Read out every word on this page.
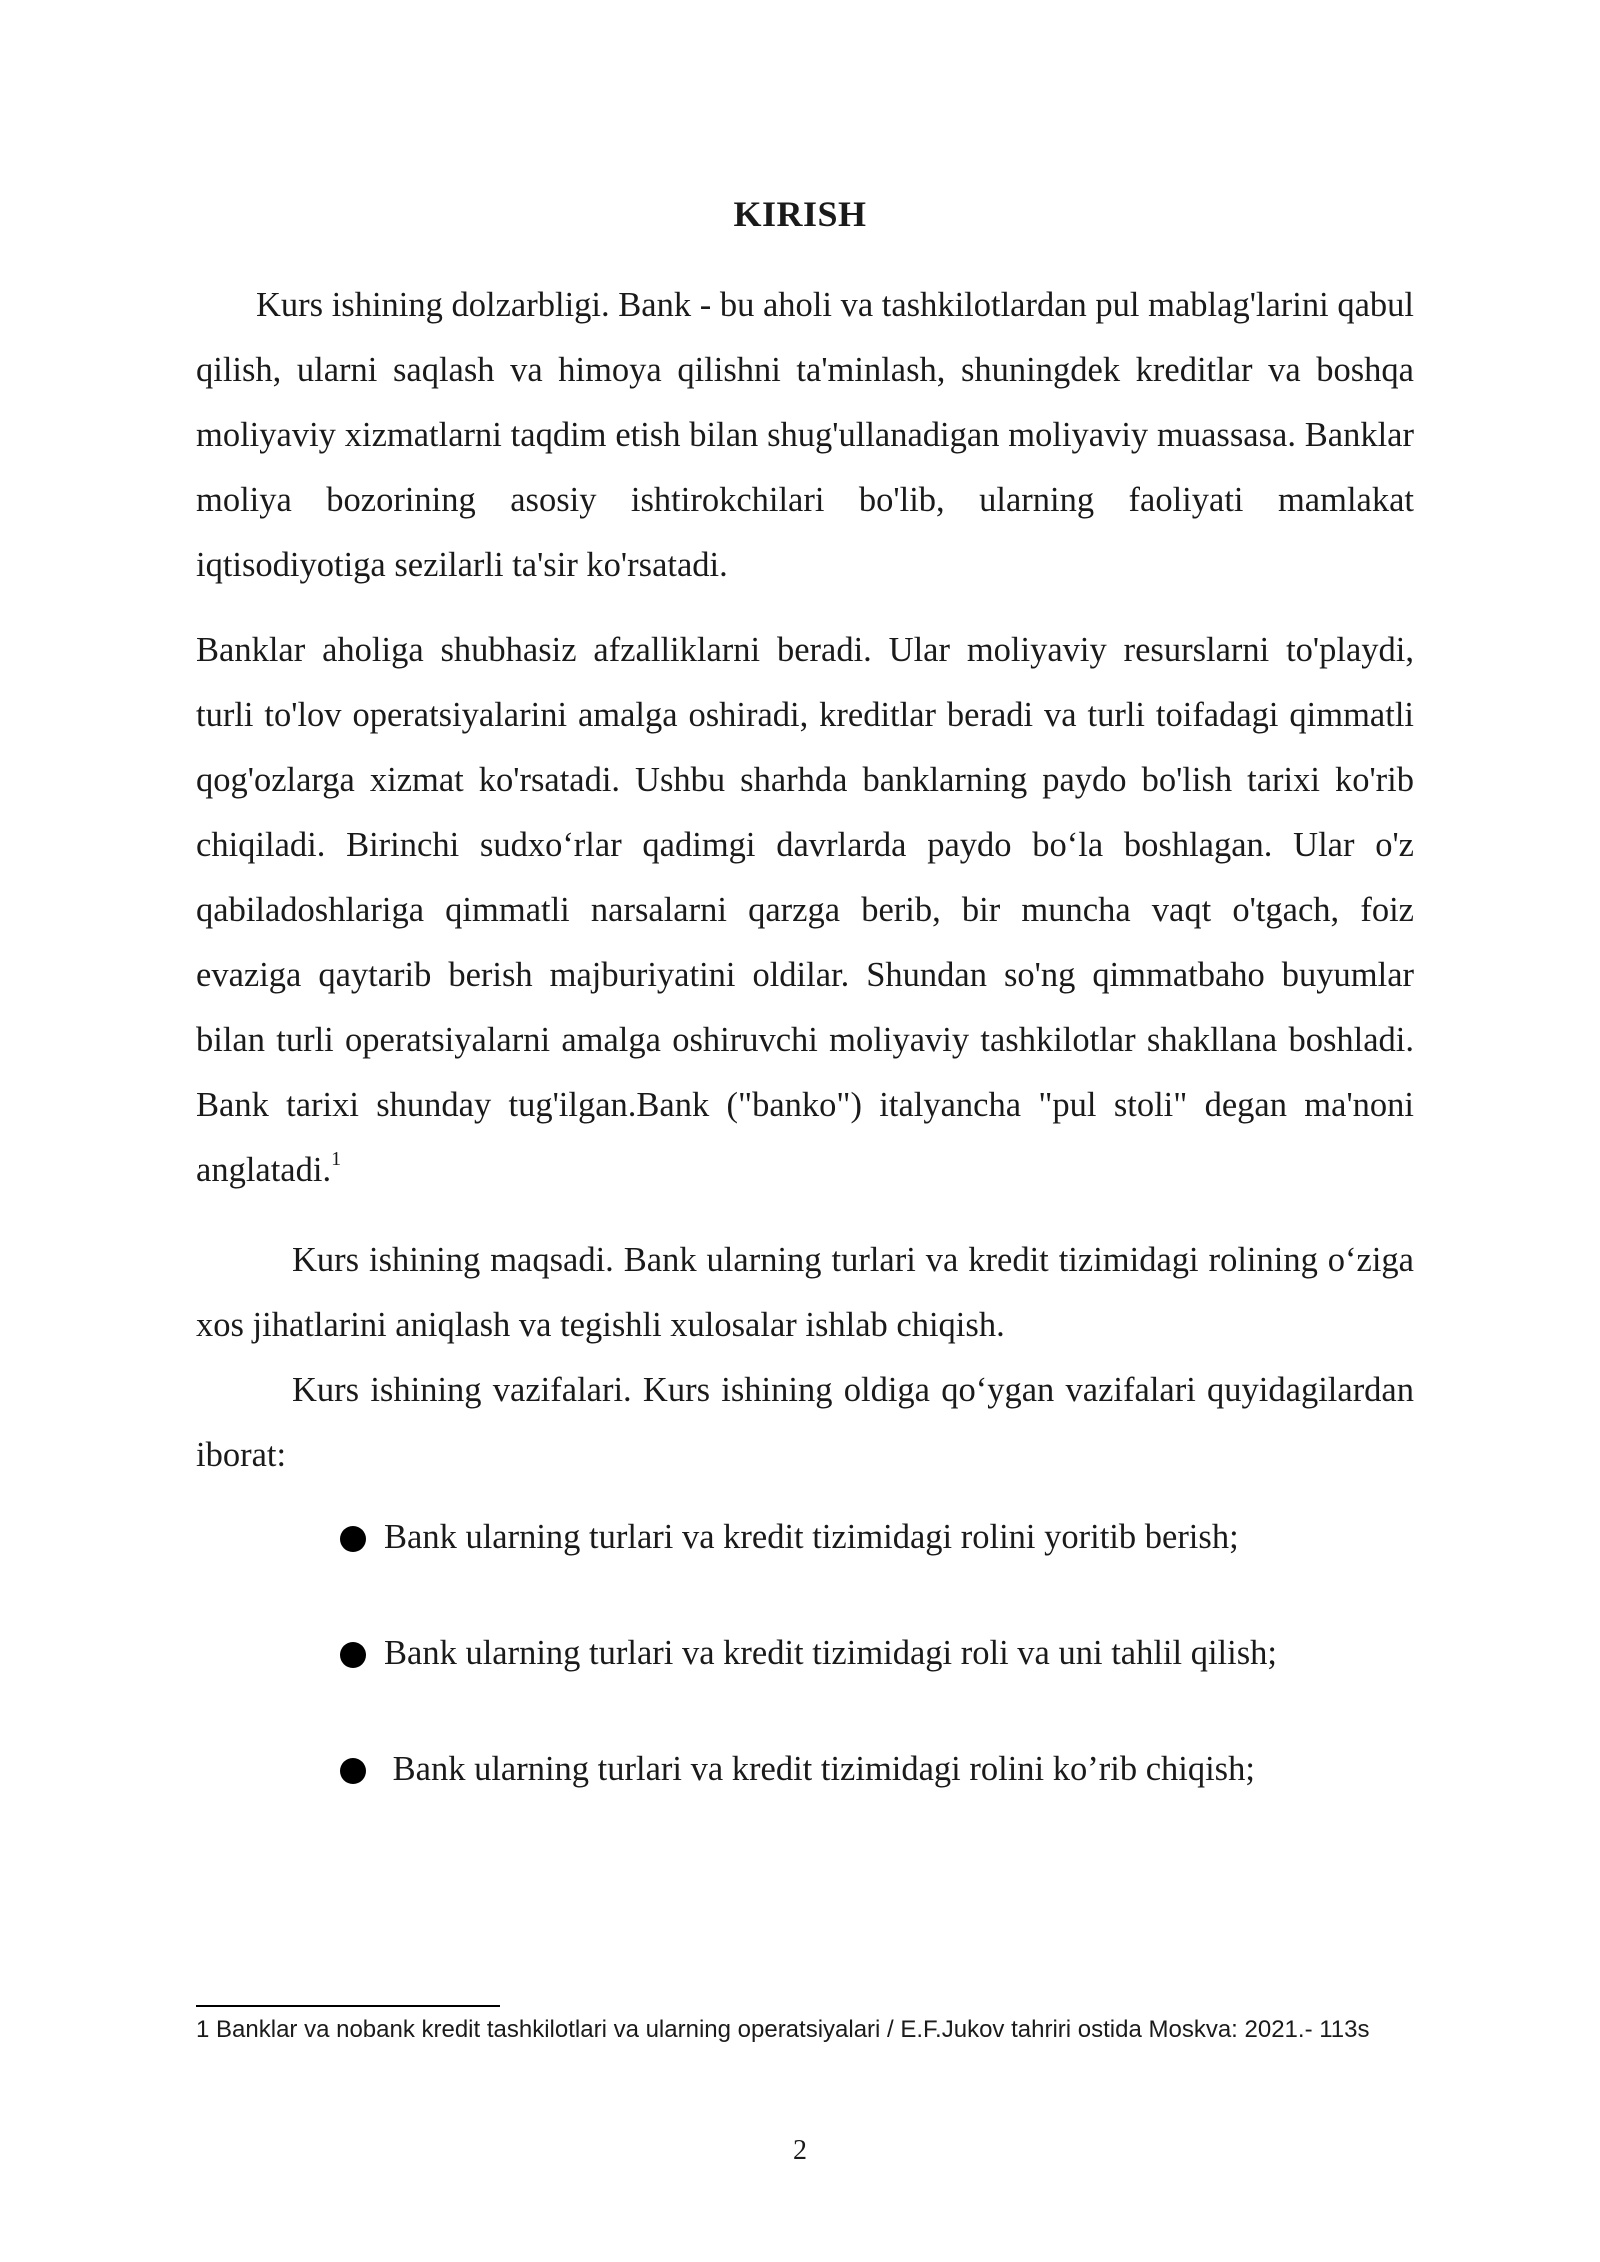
KIRISH

Kurs ishining dolzarbligi. Bank - bu aholi va tashkilotlardan pul mablag'larini qabul qilish, ularni saqlash va himoya qilishni ta'minlash, shuningdek kreditlar va boshqa moliyaviy xizmatlarni taqdim etish bilan shug'ullanadigan moliyaviy muassasa. Banklar moliya bozorining asosiy ishtirokchilari bo'lib, ularning faoliyati mamlakat iqtisodiyotiga sezilarli ta'sir ko'rsatadi.

Banklar aholiga shubhasiz afzalliklarni beradi. Ular moliyaviy resurslarni to'playdi, turli to'lov operatsiyalarini amalga oshiradi, kreditlar beradi va turli toifadagi qimmatli qog'ozlarga xizmat ko'rsatadi. Ushbu sharhda banklarning paydo bo'lish tarixi ko'rib chiqiladi. Birinchi sudxo‘rlar qadimgi davrlarda paydo bo‘la boshlagan. Ular o'z qabiladoshlariga qimmatli narsalarni qarzga berib, bir muncha vaqt o'tgach, foiz evaziga qaytarib berish majburiyatini oldilar. Shundan so'ng qimmatbaho buyumlar bilan turli operatsiyalarni amalga oshiruvchi moliyaviy tashkilotlar shakllana boshladi. Bank tarixi shunday tug'ilgan.Bank ("banko") italyancha "pul stoli" degan ma'noni anglatadi.$^1$

Kurs ishining maqsadi. Bank ularning turlari va kredit tizimidagi rolining o‘ziga xos jihatlarini aniqlash va tegishli xulosalar ishlab chiqish.

Kurs ishining vazifalari. Kurs ishining oldiga qo‘ygan vazifalari quyidagilardan iborat:

Bank ularning turlari va kredit tizimidagi rolini yoritib berish;
Bank ularning turlari va kredit tizimidagi roli va uni tahlil qilish;
Bank ularning turlari va kredit tizimidagi rolini ko’rib chiqish;

1 Banklar va nobank kredit tashkilotlari va ularning operatsiyalari / E.F.Jukov tahriri ostida Moskva: 2021.- 113s

2
